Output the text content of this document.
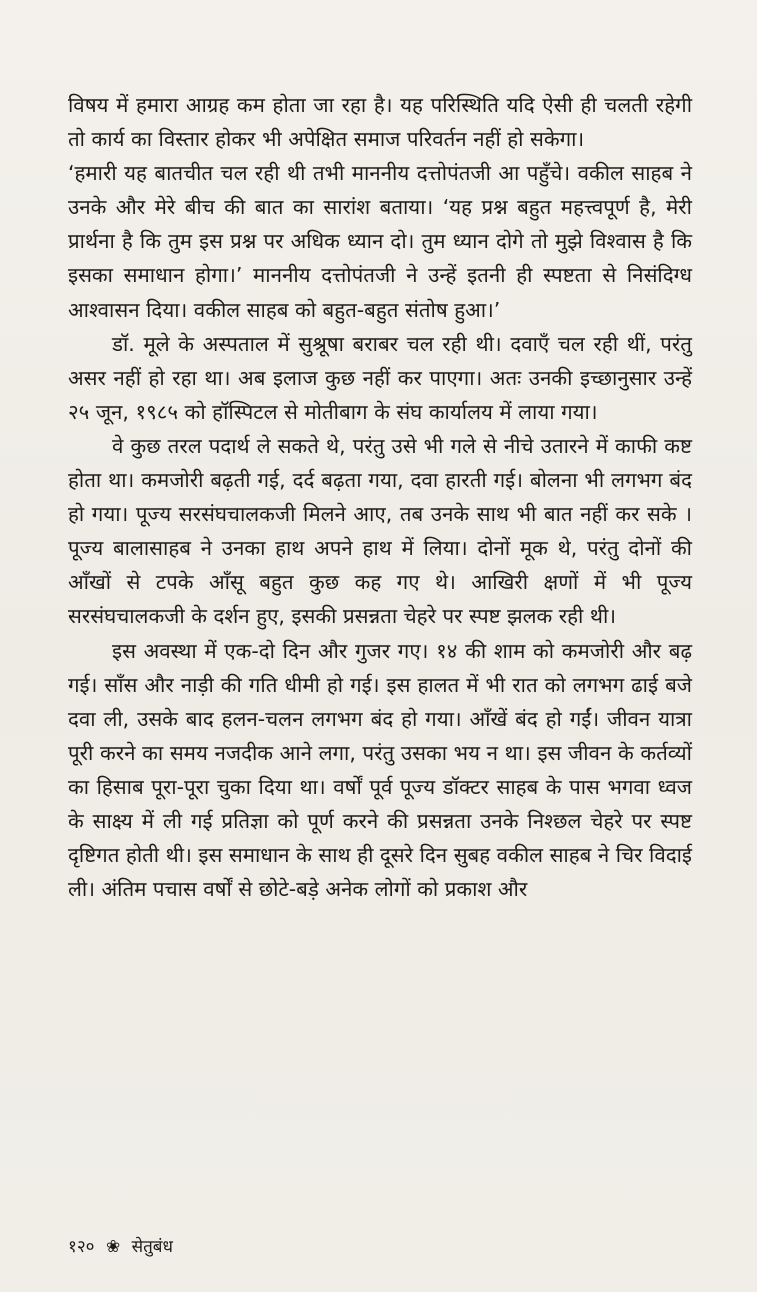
विषय में हमारा आग्रह कम होता जा रहा है। यह परिस्थिति यदि ऐसी ही चलती रहेगी तो कार्य का विस्तार होकर भी अपेक्षित समाज परिवर्तन नहीं हो सकेगा।

‘हमारी यह बातचीत चल रही थी तभी माननीय दत्तोपंतजी आ पहुँचे। वकील साहब ने उनके और मेरे बीच की बात का सारांश बताया। ‘यह प्रश्न बहुत महत्त्वपूर्ण है, मेरी प्रार्थना है कि तुम इस प्रश्न पर अधिक ध्यान दो। तुम ध्यान दोगे तो मुझे विश्वास है कि इसका समाधान होगा।’ माननीय दत्तोपंतजी ने उन्हें इतनी ही स्पष्टता से निसंदिग्ध आश्वासन दिया। वकील साहब को बहुत-बहुत संतोष हुआ।’

डॉ. मूले के अस्पताल में सुश्रूषा बराबर चल रही थी। दवाएँ चल रही थीं, परंतु असर नहीं हो रहा था। अब इलाज कुछ नहीं कर पाएगा। अतः उनकी इच्छानुसार उन्हें २५ जून, १९८५ को हॉस्पिटल से मोतीबाग के संघ कार्यालय में लाया गया।

वे कुछ तरल पदार्थ ले सकते थे, परंतु उसे भी गले से नीचे उतारने में काफी कष्ट होता था। कमजोरी बढ़ती गई, दर्द बढ़ता गया, दवा हारती गई। बोलना भी लगभग बंद हो गया। पूज्य सरसंघचालकजी मिलने आए, तब उनके साथ भी बात नहीं कर सके । पूज्य बालासाहब ने उनका हाथ अपने हाथ में लिया। दोनों मूक थे, परंतु दोनों की आँखों से टपके आँसू बहुत कुछ कह गए थे। आखिरी क्षणों में भी पूज्य सरसंघचालकजी के दर्शन हुए, इसकी प्रसन्नता चेहरे पर स्पष्ट झलक रही थी।

इस अवस्था में एक-दो दिन और गुजर गए। १४ की शाम को कमजोरी और बढ़ गई। साँस और नाड़ी की गति धीमी हो गई। इस हालत में भी रात को लगभग ढाई बजे दवा ली, उसके बाद हलन-चलन लगभग बंद हो गया। आँखें बंद हो गईं। जीवन यात्रा पूरी करने का समय नजदीक आने लगा, परंतु उसका भय न था। इस जीवन के कर्तव्यों का हिसाब पूरा-पूरा चुका दिया था। वर्षों पूर्व पूज्य डॉक्टर साहब के पास भगवा ध्वज के साक्ष्य में ली गई प्रतिज्ञा को पूर्ण करने की प्रसन्नता उनके निश्छल चेहरे पर स्पष्ट दृष्टिगत होती थी। इस समाधान के साथ ही दूसरे दिन सुबह वकील साहब ने चिर विदाई ली। अंतिम पचास वर्षों से छोटे-बड़े अनेक लोगों को प्रकाश और

१२० ❀ सेतुबंध
